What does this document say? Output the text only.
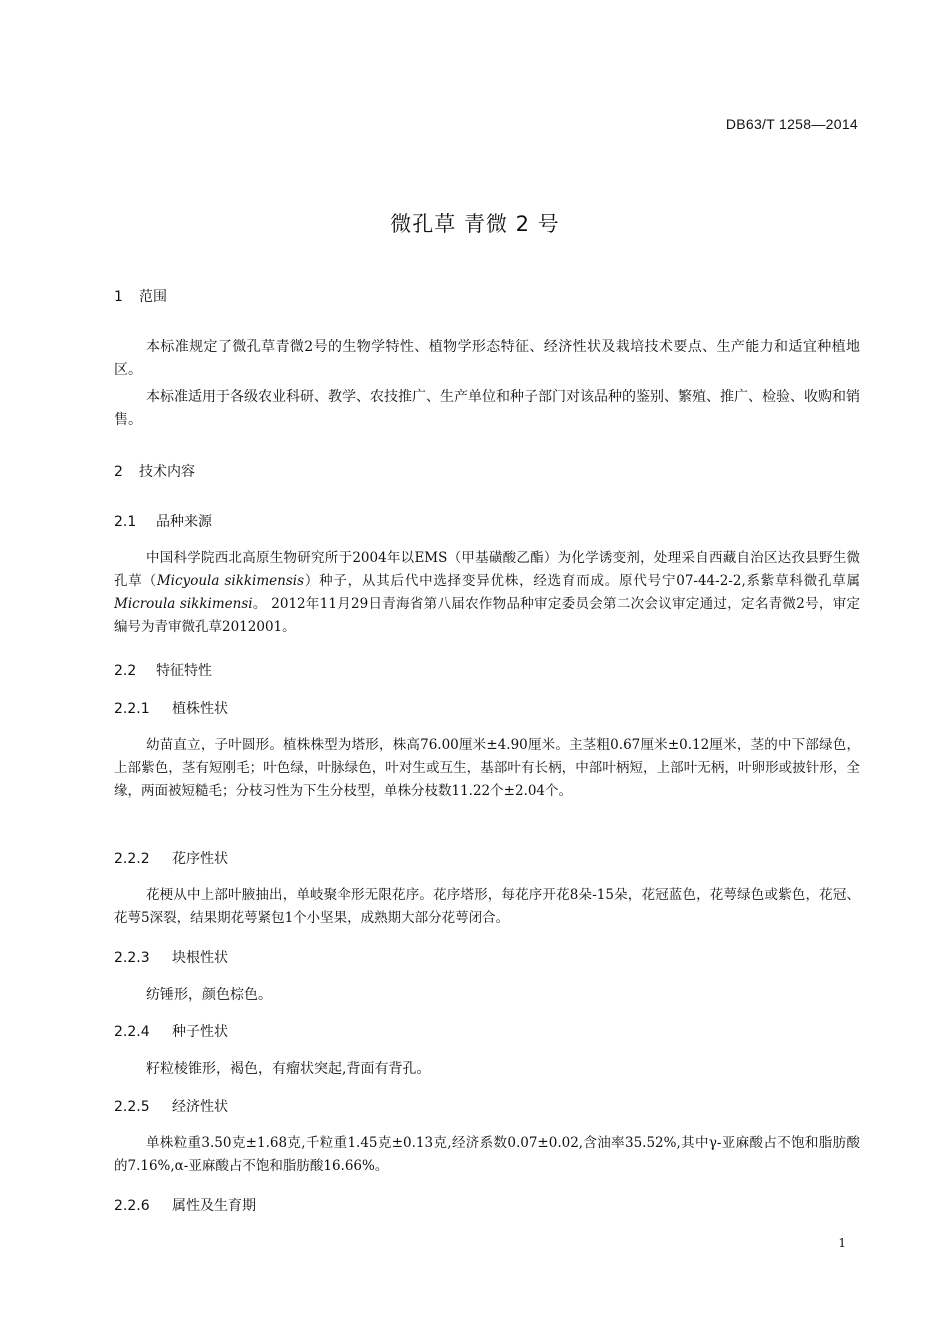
DB63/T 1258—2014
微孔草 青微 2 号
1 范围
本标准规定了微孔草青微2号的生物学特性、植物学形态特征、经济性状及栽培技术要点、生产能力和适宜种植地区。
本标准适用于各级农业科研、教学、农技推广、生产单位和种子部门对该品种的鉴别、繁殖、推广、检验、收购和销售。
2 技术内容
2.1 品种来源
中国科学院西北高原生物研究所于2004年以EMS（甲基磺酸乙酯）为化学诱变剂，处理采自西藏自治区达孜县野生微孔草（Micyoula sikkimensis）种子，从其后代中选择变异优株，经选育而成。原代号宁07-44-2-2,系紫草科微孔草属Microula sikkimensi。 2012年11月29日青海省第八届农作物品种审定委员会第二次会议审定通过，定名青微2号，审定编号为青审微孔草2012001。
2.2 特征特性
2.2.1 植株性状
幼苗直立，子叶圆形。植株株型为塔形，株高76.00厘米±4.90厘米。主茎粗0.67厘米±0.12厘米，茎的中下部绿色，上部紫色，茎有短刚毛；叶色绿，叶脉绿色，叶对生或互生，基部叶有长柄，中部叶柄短，上部叶无柄，叶卵形或披针形，全缘，两面被短糙毛；分枝习性为下生分枝型，单株分枝数11.22个±2.04个。
2.2.2 花序性状
花梗从中上部叶腋抽出，单岐聚伞形无限花序。花序塔形，每花序开花8朵-15朵，花冠蓝色，花萼绿色或紫色，花冠、花萼5深裂，结果期花萼紧包1个小坚果，成熟期大部分花萼闭合。
2.2.3 块根性状
纺锤形，颜色棕色。
2.2.4 种子性状
籽粒棱锥形，褐色，有瘤状突起,背面有背孔。
2.2.5 经济性状
单株粒重3.50克±1.68克,千粒重1.45克±0.13克,经济系数0.07±0.02,含油率35.52%,其中γ-亚麻酸占不饱和脂肪酸的7.16%,α-亚麻酸占不饱和脂肪酸16.66%。
2.2.6 属性及生育期
1
